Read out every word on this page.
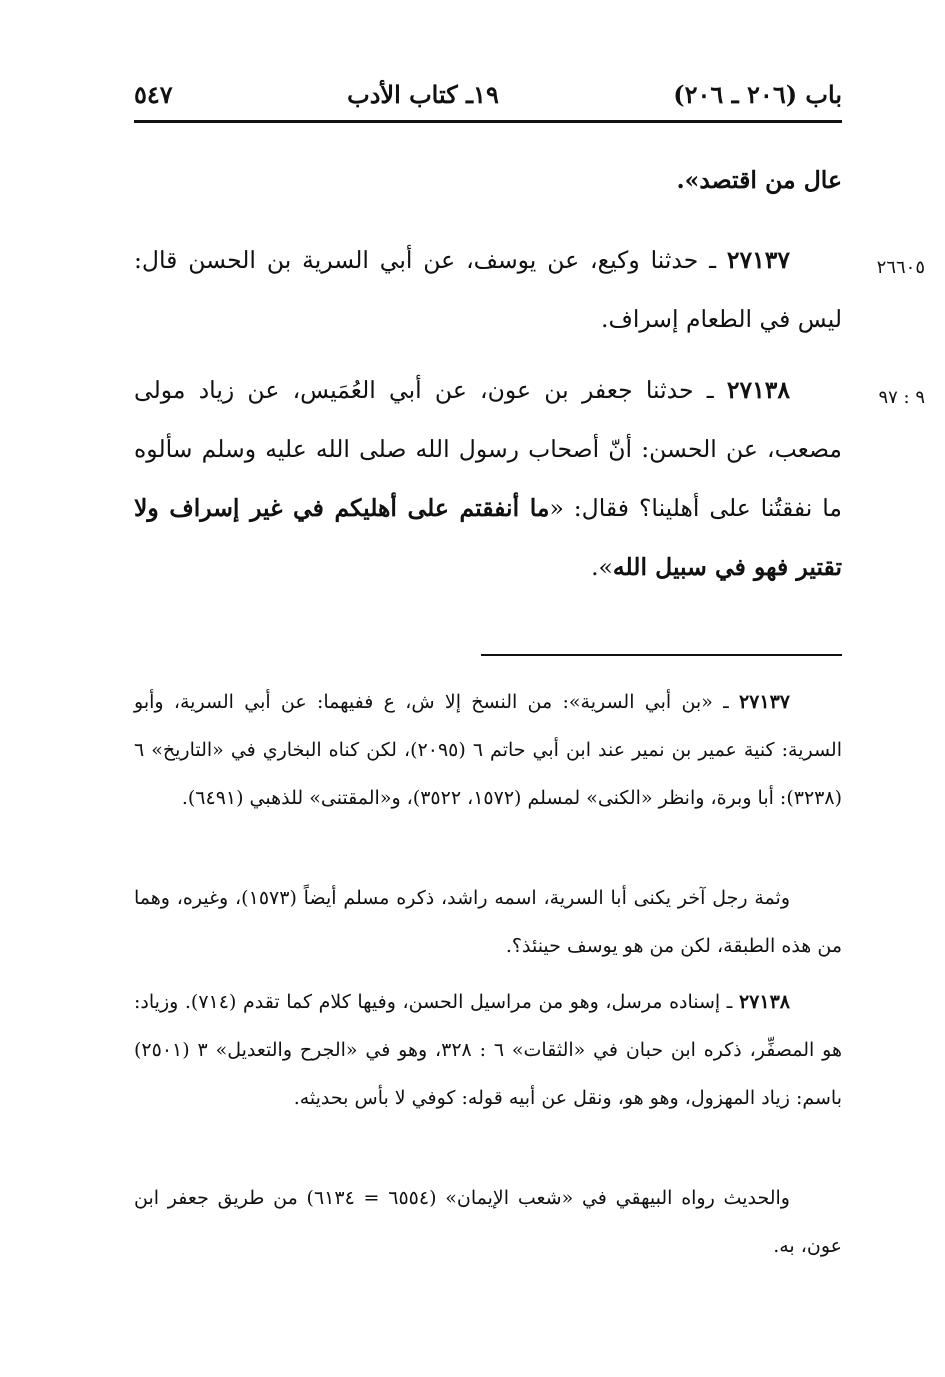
باب (٢٠٦ ـ ٢٠٦)
١٩ـ كتاب الأدب
٥٤٧
عال من اقتصد».
٢٦٦٠٥
٢٧١٣٧ ـ حدثنا وكيع، عن يوسف، عن أبي السرية بن الحسن قال: ليس في الطعام إسراف.
٩ : ٩٧
٢٧١٣٨ ـ حدثنا جعفر بن عون، عن أبي العُمَيس، عن زياد مولى مصعب، عن الحسن: أنّ أصحاب رسول الله صلى الله عليه وسلم سألوه ما نفقتُنا على أهلينا؟ فقال: «ما أنفقتم على أهليكم في غير إسراف ولا تقتير فهو في سبيل الله».
٢٧١٣٧ ـ «بن أبي السرية»: من النسخ إلا ش، ع ففيهما: عن أبي السرية، وأبو السرية: كنية عمير بن نمير عند ابن أبي حاتم ٦ (٢٠٩٥)، لكن كناه البخاري في «التاريخ» ٦ (٣٢٣٨): أبا وبرة، وانظر «الكنى» لمسلم (١٥٧٢، ٣٥٢٢)، و«المقتنى» للذهبي (٦٤٩١).
وثمة رجل آخر يكنى أبا السرية، اسمه راشد، ذكره مسلم أيضاً (١٥٧٣)، وغيره، وهما من هذه الطبقة، لكن من هو يوسف حينئذ؟.
٢٧١٣٨ ـ إسناده مرسل، وهو من مراسيل الحسن، وفيها كلام كما تقدم (٧١٤). وزياد: هو المصفِّر، ذكره ابن حبان في «الثقات» ٦ : ٣٢٨، وهو في «الجرح والتعديل» ٣ (٢٥٠١) باسم: زياد المهزول، وهو هو، ونقل عن أبيه قوله: كوفي لا بأس بحديثه.
والحديث رواه البيهقي في «شعب الإيمان» (٦٥٥٤ = ٦١٣٤) من طريق جعفر ابن عون، به.
